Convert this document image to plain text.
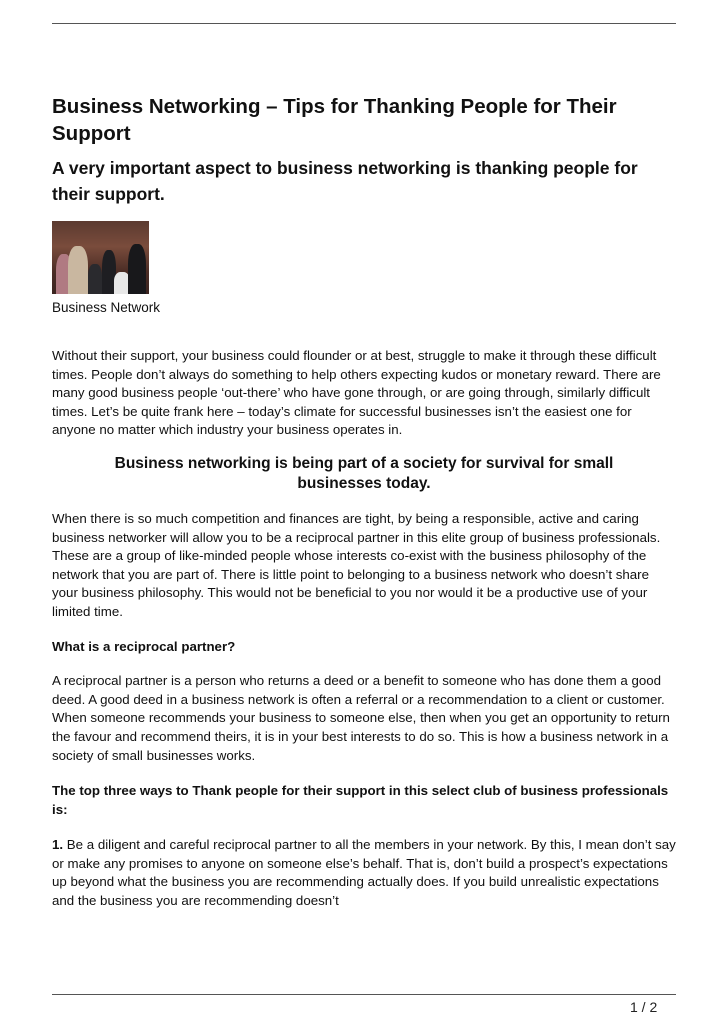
Business Networking – Tips for Thanking People for Their Support
A very important aspect to business networking is thanking people for their support.
Business Network

Without their support, your business could flounder or at best, struggle to make it through these difficult times. People don’t always do something to help others expecting kudos or monetary reward. There are many good business people ‘out-there’ who have gone through, or are going through, similarly difficult times. Let’s be quite frank here – today’s climate for successful businesses isn’t the easiest one for anyone no matter which industry your business operates in.

Business networking is being part of a society for survival for small businesses today.

When there is so much competition and finances are tight, by being a responsible, active and caring business networker will allow you to be a reciprocal partner in this elite group of business professionals. These are a group of like-minded people whose interests co-exist with the business philosophy of the network that you are part of. There is little point to belonging to a business network who doesn’t share your business philosophy. This would not be beneficial to you nor would it be a productive use of your limited time.

What is a reciprocal partner?

A reciprocal partner is a person who returns a deed or a benefit to someone who has done them a good deed. A good deed in a business network is often a referral or a recommendation to a client or customer. When someone recommends your business to someone else, then when you get an opportunity to return the favour and recommend theirs, it is in your best interests to do so. This is how a business network in a society of small businesses works.

The top three ways to Thank people for their support in this select club of business professionals is:

1. Be a diligent and careful reciprocal partner to all the members in your network. By this, I mean don’t say or make any promises to anyone on someone else’s behalf. That is, don’t build a prospect’s expectations up beyond what the business you are recommending actually does. If you build unrealistic expectations and the business you are recommending doesn’t

1 / 2
